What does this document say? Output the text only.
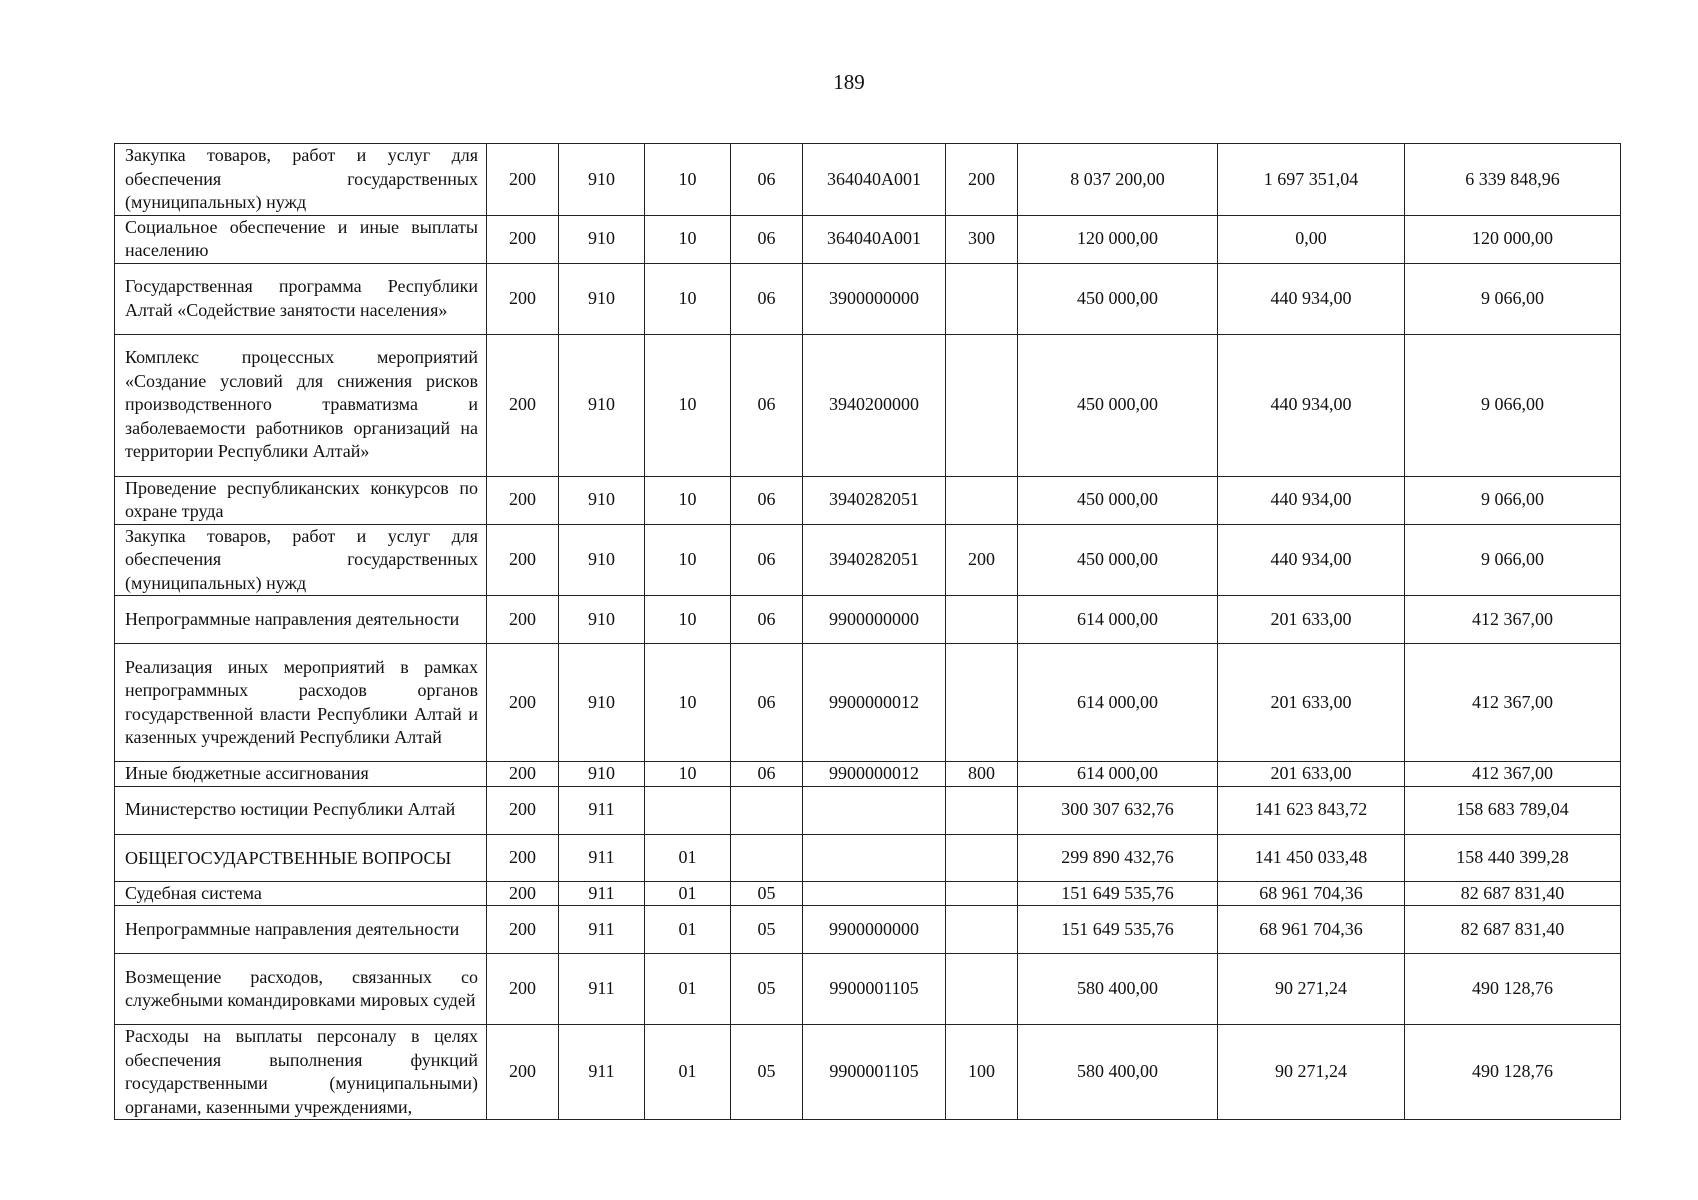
189
Закупка товаров, работ и услуг для обеспечения государственных (муниципальных) нужд	200	910	10	06	364040А001	200	8 037 200,00	1 697 351,04	6 339 848,96
Социальное обеспечение и иные выплаты населению	200	910	10	06	364040А001	300	120 000,00	0,00	120 000,00
Государственная программа Республики Алтай «Содействие занятости населения»	200	910	10	06	3900000000		450 000,00	440 934,00	9 066,00
Комплекс процессных мероприятий «Создание условий для снижения рисков производственного травматизма и заболеваемости работников организаций на территории Республики Алтай»	200	910	10	06	3940200000		450 000,00	440 934,00	9 066,00
Проведение республиканских конкурсов по охране труда	200	910	10	06	3940282051		450 000,00	440 934,00	9 066,00
Закупка товаров, работ и услуг для обеспечения государственных (муниципальных) нужд	200	910	10	06	3940282051	200	450 000,00	440 934,00	9 066,00
Непрограммные направления деятельности	200	910	10	06	9900000000		614 000,00	201 633,00	412 367,00
Реализация иных мероприятий в рамках непрограммных расходов органов государственной власти Республики Алтай и казенных учреждений Республики Алтай	200	910	10	06	9900000012		614 000,00	201 633,00	412 367,00
Иные бюджетные ассигнования	200	910	10	06	9900000012	800	614 000,00	201 633,00	412 367,00
Министерство юстиции Республики Алтай	200	911					300 307 632,76	141 623 843,72	158 683 789,04
ОБЩЕГОСУДАРСТВЕННЫЕ ВОПРОСЫ	200	911	01				299 890 432,76	141 450 033,48	158 440 399,28
Судебная система	200	911	01	05			151 649 535,76	68 961 704,36	82 687 831,40
Непрограммные направления деятельности	200	911	01	05	9900000000		151 649 535,76	68 961 704,36	82 687 831,40
Возмещение расходов, связанных со служебными командировками мировых судей	200	911	01	05	9900001105		580 400,00	90 271,24	490 128,76
Расходы на выплаты персоналу в целях обеспечения выполнения функций государственными (муниципальными) органами, казенными учреждениями,	200	911	01	05	9900001105	100	580 400,00	90 271,24	490 128,76
